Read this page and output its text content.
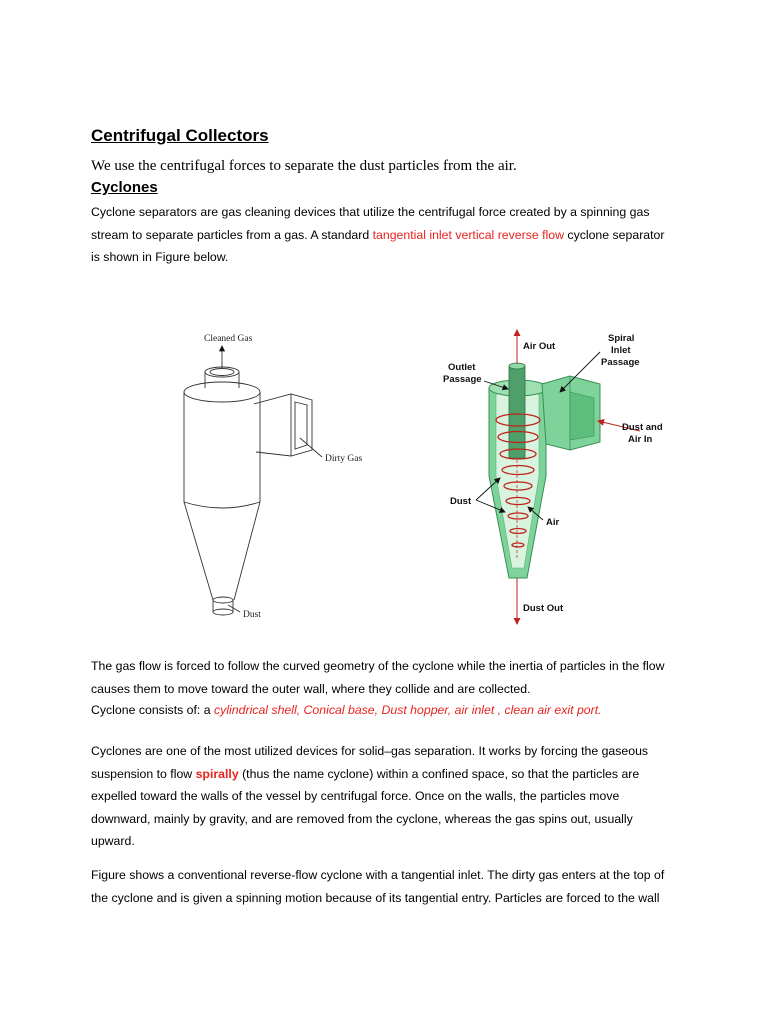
Centrifugal Collectors
We use the centrifugal forces to separate the dust particles from the air.
Cyclones
Cyclone separators are gas cleaning devices that utilize the centrifugal force created by a spinning gas
stream to separate particles from a gas. A standard tangential inlet vertical reverse flow cyclone separator
is shown in Figure below.
Cleaned Gas
Dirty Gas
Dust
Air Out
Spiral
Inlet
Passage
Outlet
Passage
Dust and
Air In
Dust
Air
Dust Out
The gas flow is forced to follow the curved geometry of the cyclone while the inertia of particles in the flow
causes them to move toward the outer wall, where they collide and are collected.
Cyclone consists of: a cylindrical shell, Conical base, Dust hopper, air inlet , clean air exit port.
Cyclones are one of the most utilized devices for solid–gas separation. It works by forcing the gaseous
suspension to flow spirally (thus the name cyclone) within a confined space, so that the particles are
expelled toward the walls of the vessel by centrifugal force. Once on the walls, the particles move
downward, mainly by gravity, and are removed from the cyclone, whereas the gas spins out, usually
upward.
Figure shows a conventional reverse-flow cyclone with a tangential inlet. The dirty gas enters at the top of
the cyclone and is given a spinning motion because of its tangential entry. Particles are forced to the wall
